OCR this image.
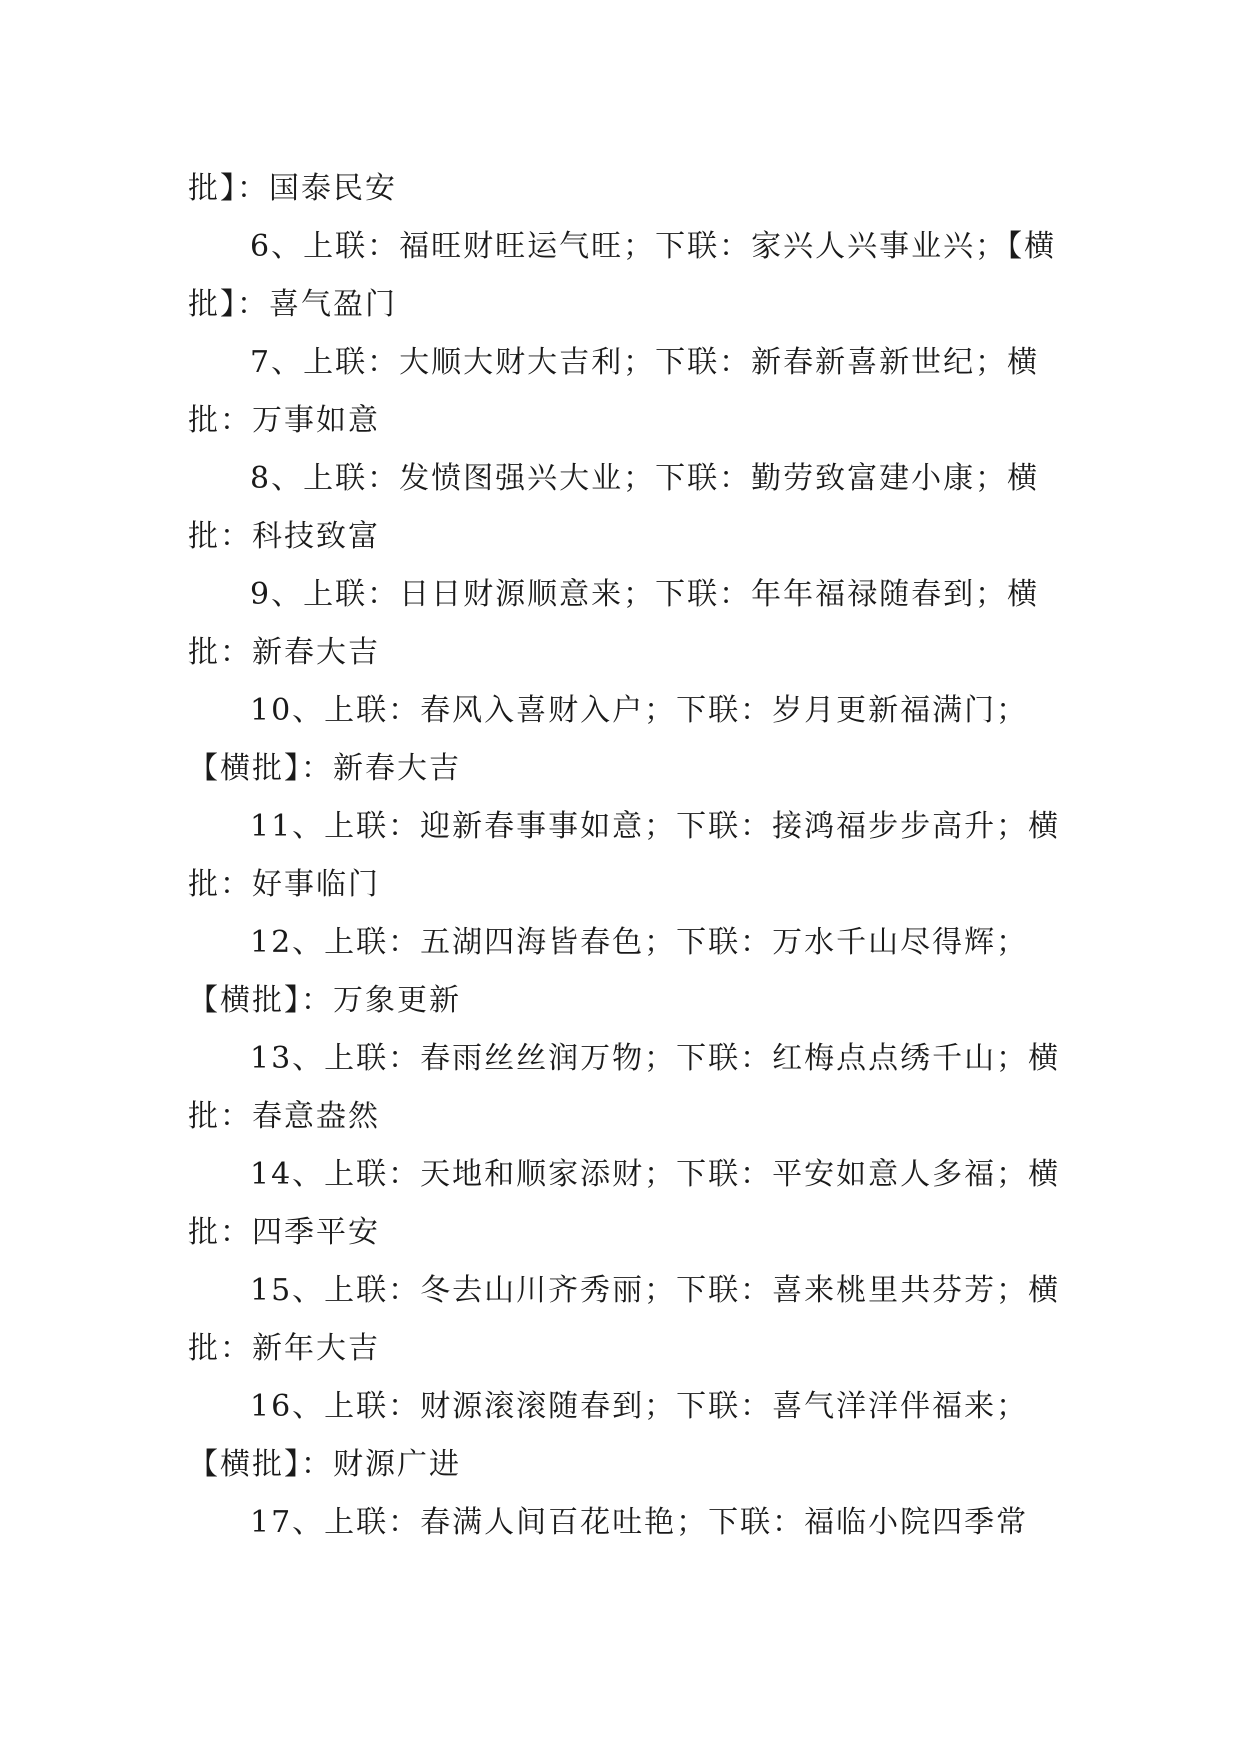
批】：国泰民安
6、上联：福旺财旺运气旺；下联：家兴人兴事业兴；【横
批】：喜气盈门
7、上联：大顺大财大吉利；下联：新春新喜新世纪；横
批：万事如意
8、上联：发愤图强兴大业；下联：勤劳致富建小康；横
批：科技致富
9、上联：日日财源顺意来；下联：年年福禄随春到；横
批：新春大吉
10、上联：春风入喜财入户；下联：岁月更新福满门；
【横批】：新春大吉
11、上联：迎新春事事如意；下联：接鸿福步步高升；横
批：好事临门
12、上联：五湖四海皆春色；下联：万水千山尽得辉；
【横批】：万象更新
13、上联：春雨丝丝润万物；下联：红梅点点绣千山；横
批：春意盎然
14、上联：天地和顺家添财；下联：平安如意人多福；横
批：四季平安
15、上联：冬去山川齐秀丽；下联：喜来桃里共芬芳；横
批：新年大吉
16、上联：财源滚滚随春到；下联：喜气洋洋伴福来；
【横批】：财源广进
17、上联：春满人间百花吐艳；下联：福临小院四季常
